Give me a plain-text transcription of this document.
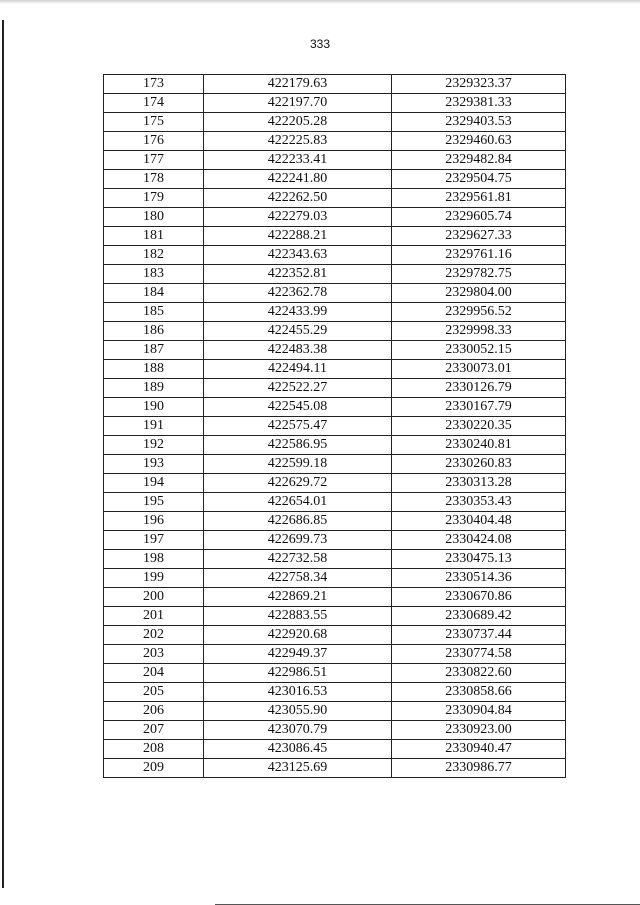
333
173	422179.63	2329323.37
174	422197.70	2329381.33
175	422205.28	2329403.53
176	422225.83	2329460.63
177	422233.41	2329482.84
178	422241.80	2329504.75
179	422262.50	2329561.81
180	422279.03	2329605.74
181	422288.21	2329627.33
182	422343.63	2329761.16
183	422352.81	2329782.75
184	422362.78	2329804.00
185	422433.99	2329956.52
186	422455.29	2329998.33
187	422483.38	2330052.15
188	422494.11	2330073.01
189	422522.27	2330126.79
190	422545.08	2330167.79
191	422575.47	2330220.35
192	422586.95	2330240.81
193	422599.18	2330260.83
194	422629.72	2330313.28
195	422654.01	2330353.43
196	422686.85	2330404.48
197	422699.73	2330424.08
198	422732.58	2330475.13
199	422758.34	2330514.36
200	422869.21	2330670.86
201	422883.55	2330689.42
202	422920.68	2330737.44
203	422949.37	2330774.58
204	422986.51	2330822.60
205	423016.53	2330858.66
206	423055.90	2330904.84
207	423070.79	2330923.00
208	423086.45	2330940.47
209	423125.69	2330986.77
